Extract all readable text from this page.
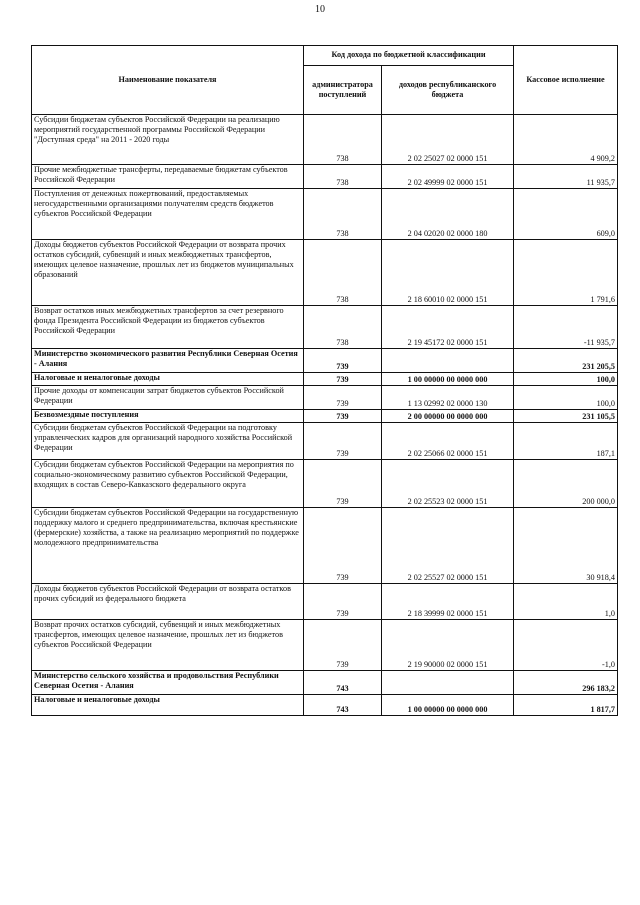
10
Наименование показателя	Код дохода по бюджетной классификации		Кассовое исполнение
	администратора поступлений	доходов республиканского бюджета	
Субсидии бюджетам субъектов Российской Федерации на реализацию мероприятий государственной программы Российской Федерации "Доступная среда" на 2011 - 2020 годы	738	2 02 25027 02 0000 151	4 909,2
Прочие межбюджетные трансферты, передаваемые бюджетам субъектов Российской Федерации	738	2 02 49999 02 0000 151	11 935,7
Поступления от денежных пожертвований, предоставляемых негосударственными организациями получателям средств бюджетов субъектов Российской Федерации	738	2 04 02020 02 0000 180	609,0
Доходы бюджетов субъектов Российской Федерации от возврата прочих остатков субсидий, субвенций и иных межбюджетных трансфертов, имеющих целевое назначение, прошлых лет из бюджетов муниципальных образований	738	2 18 60010 02 0000 151	1 791,6
Возврат остатков иных межбюджетных трансфертов за счет резервного фонда Президента Российской Федерации из бюджетов субъектов Российской Федерации	738	2 19 45172 02 0000 151	-11 935,7
Министерство экономического развития Республики Северная Осетия - Алания	739		231 205,5
Налоговые и неналоговые доходы	739	1 00 00000 00 0000 000	100,0
Прочие доходы от компенсации затрат бюджетов субъектов Российской Федерации	739	1 13 02992 02 0000 130	100,0
Безвозмездные поступления	739	2 00 00000 00 0000 000	231 105,5
Субсидии бюджетам субъектов Российской Федерации на подготовку управленческих кадров для организаций народного хозяйства Российской Федерации	739	2 02 25066 02 0000 151	187,1
Субсидии бюджетам субъектов Российской Федерации на мероприятия по социально-экономическому развитию субъектов Российской Федерации, входящих в состав Северо-Кавказского федерального округа	739	2 02 25523 02 0000 151	200 000,0
Субсидии бюджетам субъектов Российской Федерации на государственную поддержку малого и среднего предпринимательства, включая крестьянские (фермерские) хозяйства, а также на реализацию мероприятий по поддержке молодежного предпринимательства	739	2 02 25527 02 0000 151	30 918,4
Доходы бюджетов субъектов Российской Федерации от возврата остатков прочих субсидий из федерального бюджета	739	2 18 39999 02 0000 151	1,0
Возврат прочих остатков субсидий, субвенций и иных межбюджетных трансфертов, имеющих целевое назначение, прошлых лет из бюджетов субъектов Российской Федерации	739	2 19 90000 02 0000 151	-1,0
Министерство сельского хозяйства и продовольствия Республики Северная Осетия - Алания	743		296 183,2
Налоговые и неналоговые доходы	743	1 00 00000 00 0000 000	1 817,7
